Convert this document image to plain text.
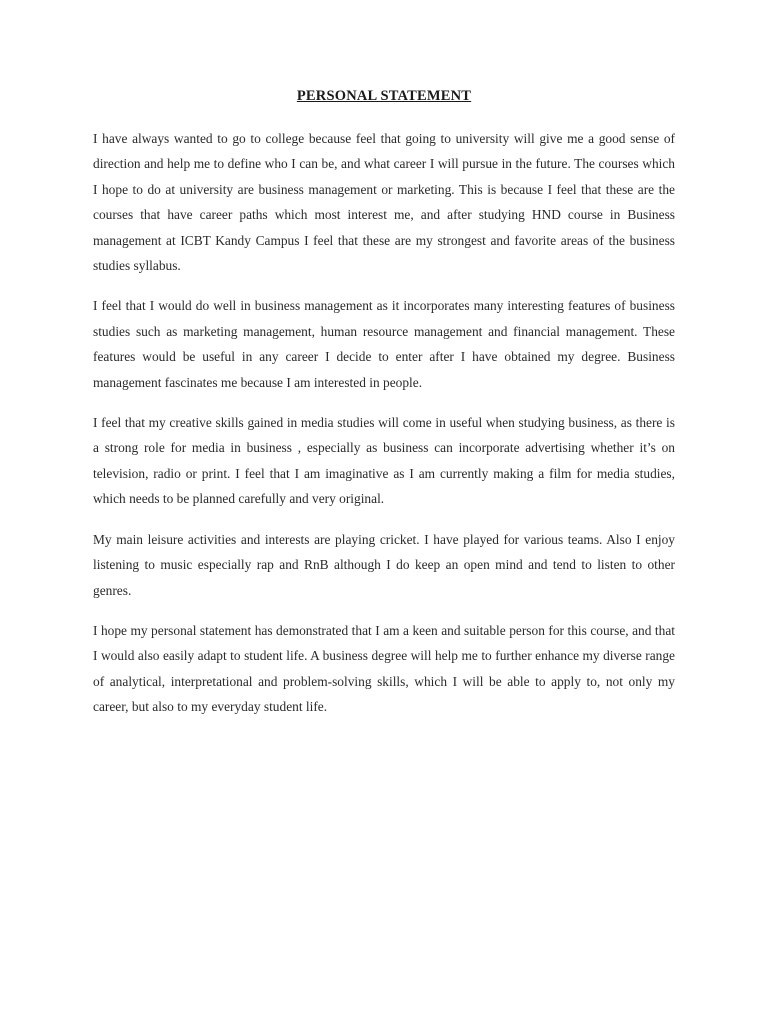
PERSONAL STATEMENT

I have always wanted to go to college because feel that going to university will give me a good sense of direction and help me to define who I can be, and what career I will pursue in the future. The courses which I hope to do at university are business management or marketing. This is because I feel that these are the courses that have career paths which most interest me, and after studying HND course in Business management at ICBT Kandy Campus I feel that these are my strongest and favorite areas of the business studies syllabus.

I feel that I would do well in business management as it incorporates many interesting features of business studies such as marketing management, human resource management and financial management. These features would be useful in any career I decide to enter after I have obtained my degree. Business management fascinates me because I am interested in people.

I feel that my creative skills gained in media studies will come in useful when studying business, as there is a strong role for media in business , especially as business can incorporate advertising whether it’s on television, radio or print. I feel that I am imaginative as I am currently making a film for media studies, which needs to be planned carefully and very original.

My main leisure activities and interests are playing cricket. I have played for various teams. Also I enjoy listening to music especially rap and RnB although I do keep an open mind and tend to listen to other genres.

I hope my personal statement has demonstrated that I am a keen and suitable person for this course, and that I would also easily adapt to student life. A business degree will help me to further enhance my diverse range of analytical, interpretational and problem-solving skills, which I will be able to apply to, not only my career, but also to my everyday student life.
